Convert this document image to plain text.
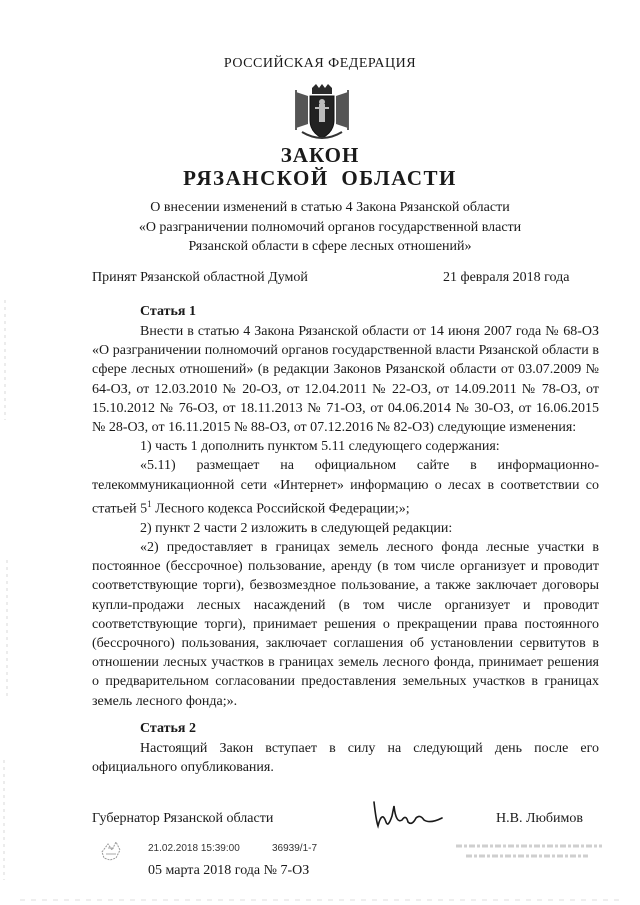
РОССИЙСКАЯ ФЕДЕРАЦИЯ
ЗАКОН
РЯЗАНСКОЙ ОБЛАСТИ
О внесении изменений в статью 4 Закона Рязанской области
«О разграничении полномочий органов государственной власти
Рязанской области в сфере лесных отношений»
Принят Рязанской областной Думой	21 февраля 2018 года
Статья 1

Внести в статью 4 Закона Рязанской области от 14 июня 2007 года № 68-ОЗ «О разграничении полномочий органов государственной власти Рязанской области в сфере лесных отношений» (в редакции Законов Рязанской области от 03.07.2009 № 64-ОЗ, от 12.03.2010 № 20-ОЗ, от 12.04.2011 № 22-ОЗ, от 14.09.2011 № 78-ОЗ, от 15.10.2012 № 76-ОЗ, от 18.11.2013 № 71-ОЗ, от 04.06.2014 № 30-ОЗ, от 16.06.2015 № 28-ОЗ, от 16.11.2015 № 88-ОЗ, от 07.12.2016 № 82-ОЗ) следующие изменения:

1) часть 1 дополнить пунктом 5.11 следующего содержания:

«5.11) размещает на официальном сайте в информационно-телекоммуникационной сети «Интернет» информацию о лесах в соответствии со статьей $5^1$ Лесного кодекса Российской Федерации;»;

2) пункт 2 части 2 изложить в следующей редакции:

«2) предоставляет в границах земель лесного фонда лесные участки в постоянное (бессрочное) пользование, аренду (в том числе организует и проводит соответствующие торги), безвозмездное пользование, а также заключает договоры купли-продажи лесных насаждений (в том числе организует и проводит соответствующие торги), принимает решения о прекращении права постоянного (бессрочного) пользования, заключает соглашения об установлении сервитутов в отношении лесных участков в границах земель лесного фонда, принимает решения о предварительном согласовании предоставления земельных участков в границах земель лесного фонда;».

Статья 2

Настоящий Закон вступает в силу на следующий день после его официального опубликования.

Губернатор Рязанской области	Н.В. Любимов
21.02.2018 15:39:00	36939/1-7
05 марта 2018 года № 7-ОЗ
